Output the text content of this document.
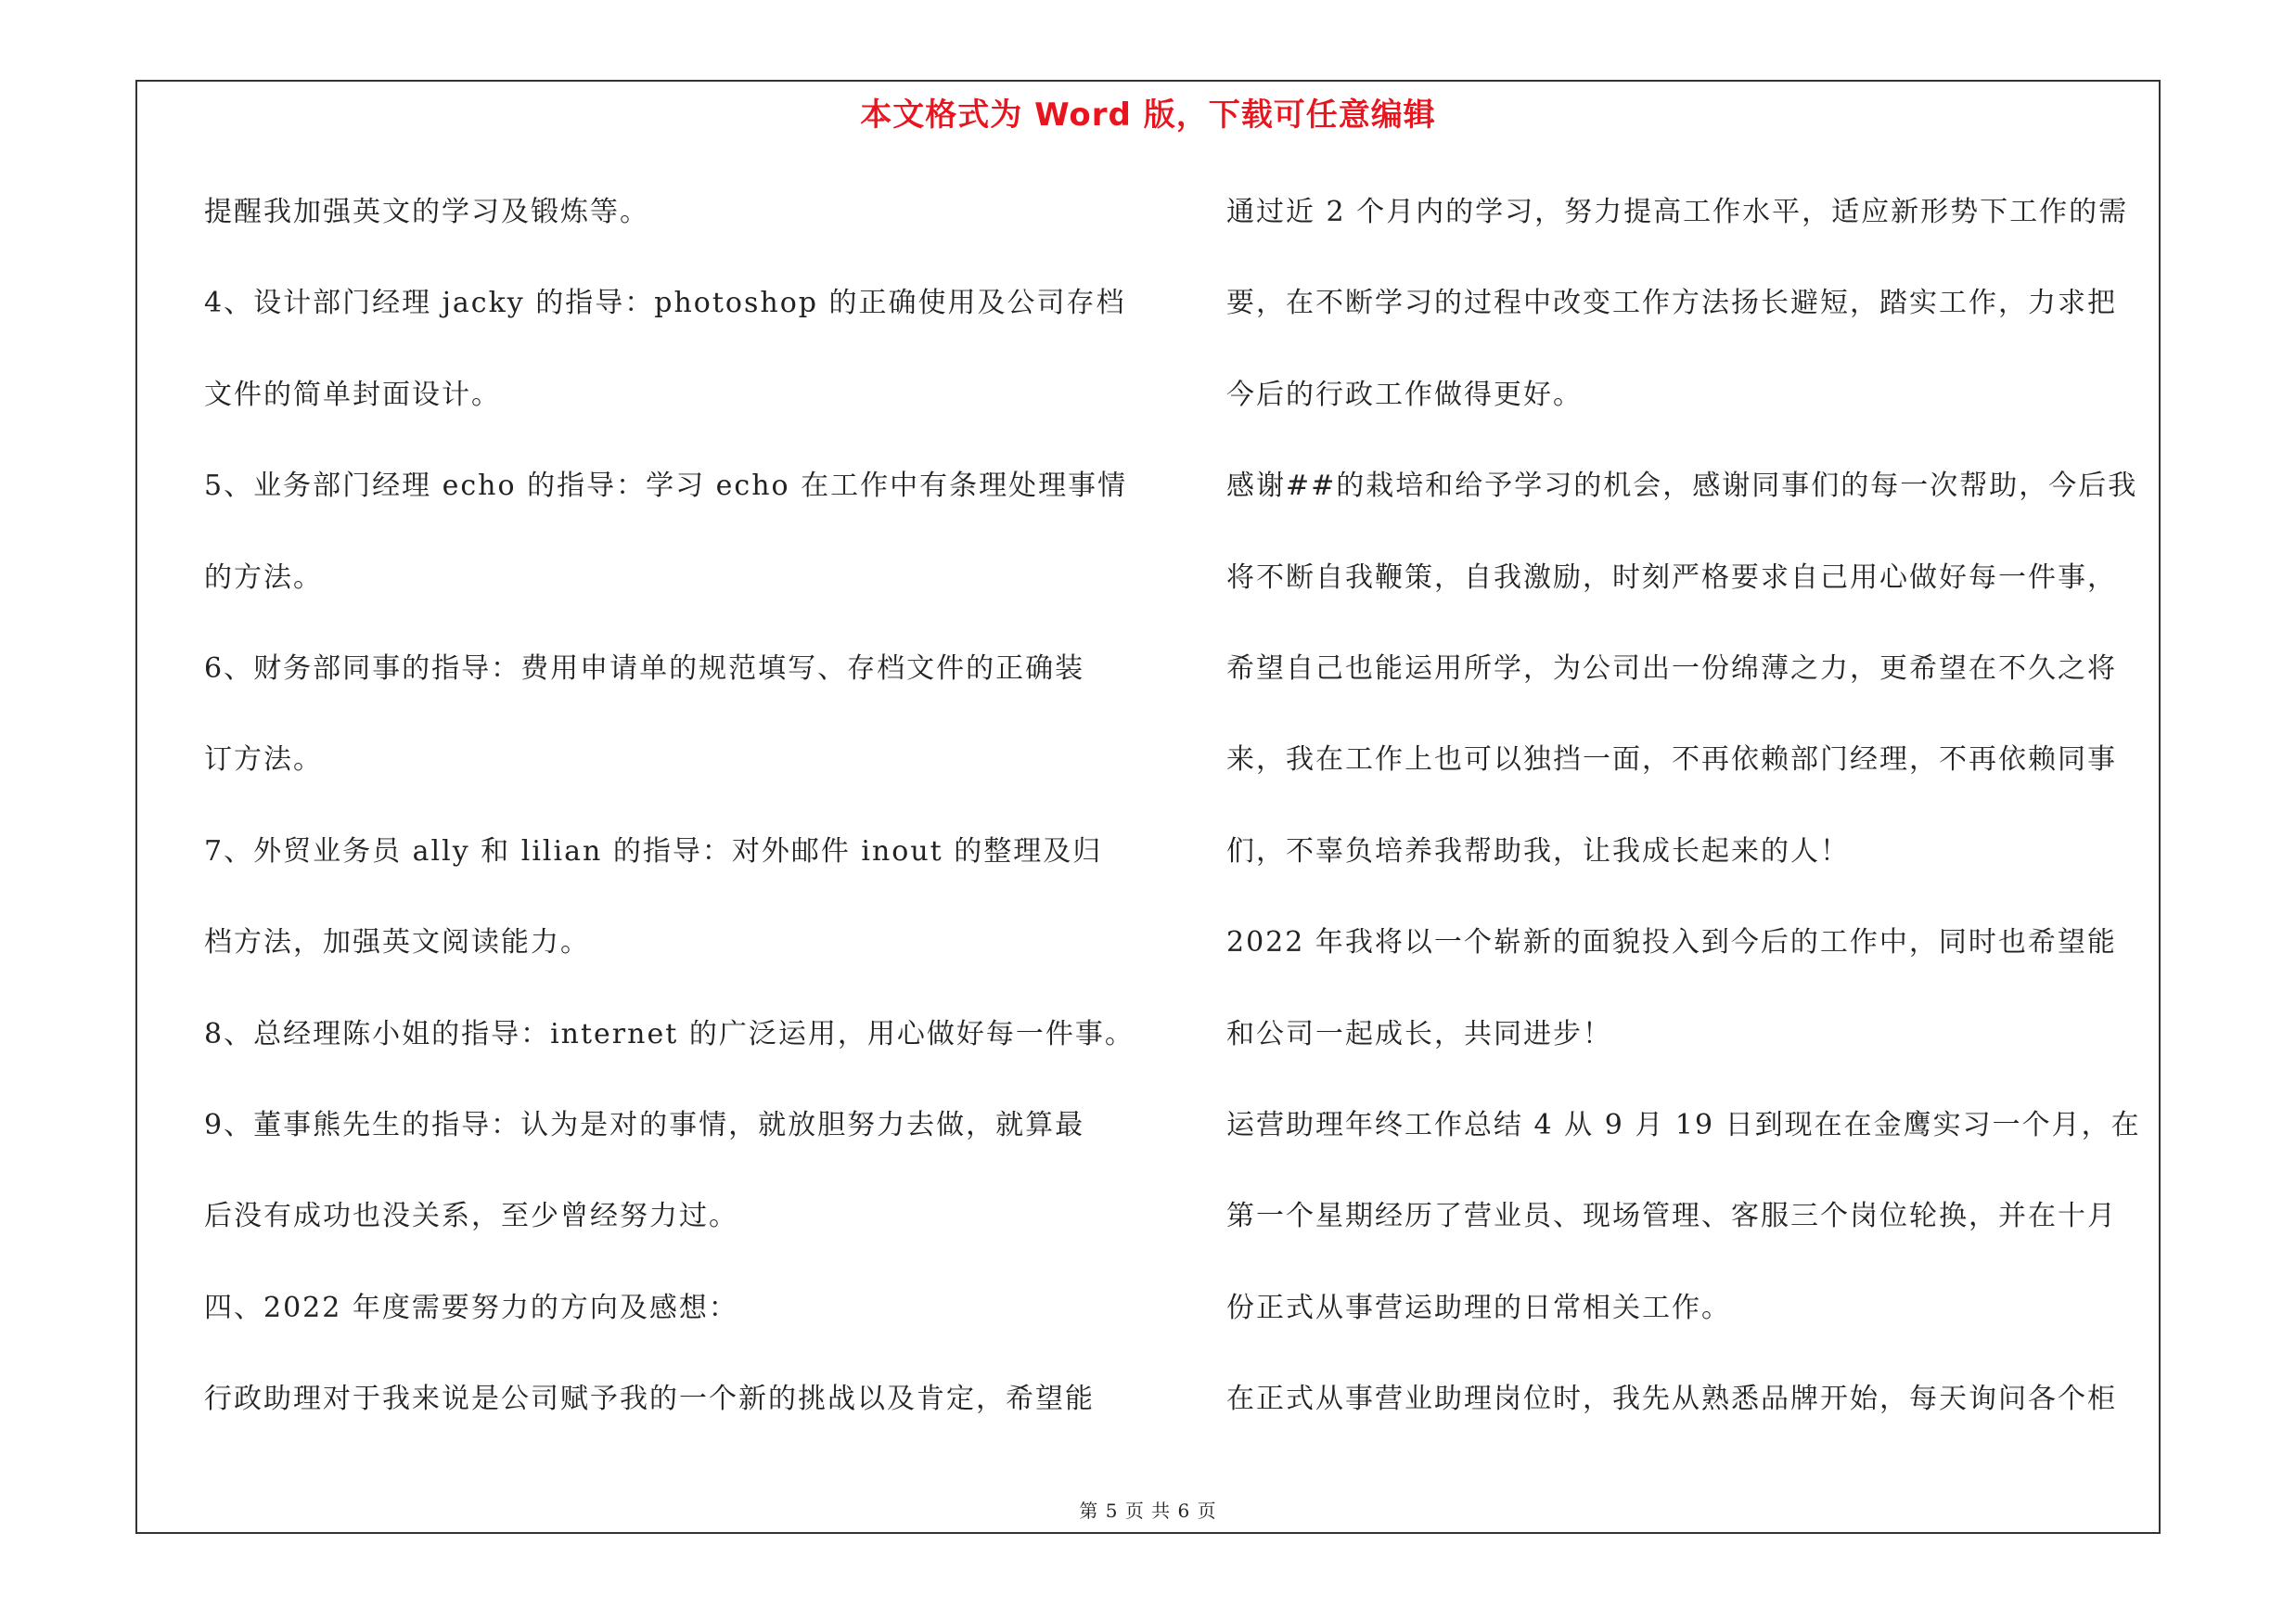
本文格式为 Word 版，下载可任意编辑
提醒我加强英文的学习及锻炼等。
4、设计部门经理 jacky 的指导：photoshop 的正确使用及公司存档
文件的简单封面设计。
5、业务部门经理 echo 的指导：学习 echo 在工作中有条理处理事情
的方法。
6、财务部同事的指导：费用申请单的规范填写、存档文件的正确装
订方法。
7、外贸业务员 ally 和 lilian 的指导：对外邮件 inout 的整理及归
档方法，加强英文阅读能力。
8、总经理陈小姐的指导：internet 的广泛运用，用心做好每一件事。
9、董事熊先生的指导：认为是对的事情，就放胆努力去做，就算最
后没有成功也没关系，至少曾经努力过。
四、2022 年度需要努力的方向及感想：
行政助理对于我来说是公司赋予我的一个新的挑战以及肯定，希望能
通过近 2 个月内的学习，努力提高工作水平，适应新形势下工作的需
要，在不断学习的过程中改变工作方法扬长避短，踏实工作，力求把
今后的行政工作做得更好。
感谢##的栽培和给予学习的机会，感谢同事们的每一次帮助，今后我
将不断自我鞭策，自我激励，时刻严格要求自己用心做好每一件事，
希望自己也能运用所学，为公司出一份绵薄之力，更希望在不久之将
来，我在工作上也可以独挡一面，不再依赖部门经理，不再依赖同事
们，不辜负培养我帮助我，让我成长起来的人！
2022 年我将以一个崭新的面貌投入到今后的工作中，同时也希望能
和公司一起成长，共同进步！
运营助理年终工作总结 4 从 9 月 19 日到现在在金鹰实习一个月，在
第一个星期经历了营业员、现场管理、客服三个岗位轮换，并在十月
份正式从事营运助理的日常相关工作。
在正式从事营业助理岗位时，我先从熟悉品牌开始，每天询问各个柜
第 5 页 共 6 页
